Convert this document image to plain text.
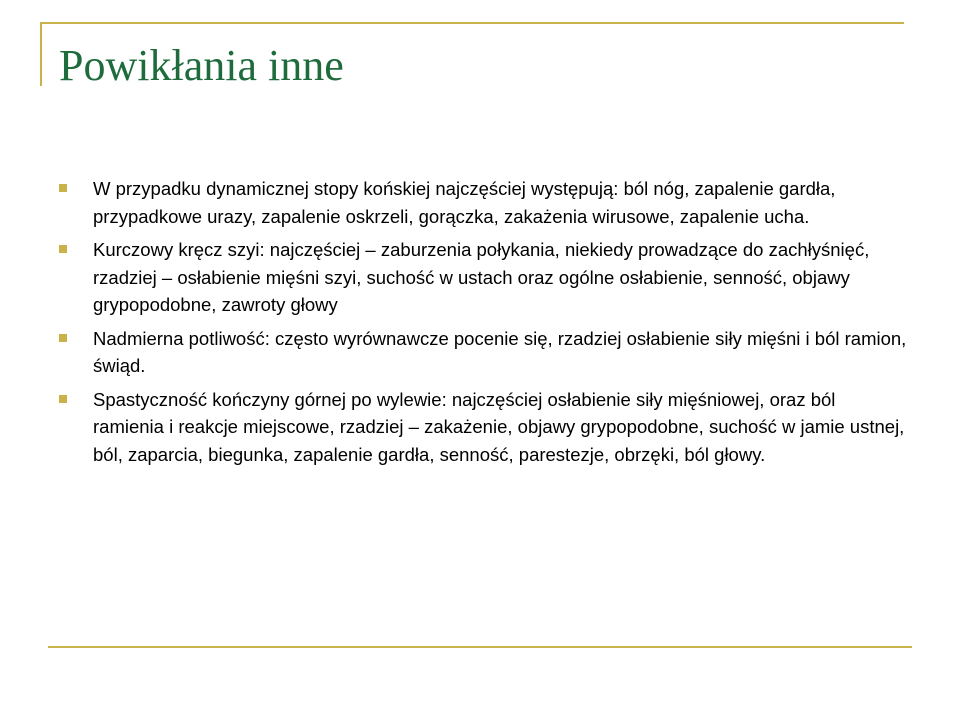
Powikłania inne
W przypadku dynamicznej stopy końskiej najczęściej występują: ból nóg, zapalenie gardła, przypadkowe urazy, zapalenie oskrzeli, gorączka, zakażenia wirusowe, zapalenie ucha.
Kurczowy kręcz szyi: najczęściej – zaburzenia połykania, niekiedy prowadzące do zachłyśnięć, rzadziej – osłabienie mięśni szyi, suchość w ustach oraz ogólne osłabienie, senność, objawy grypopodobne, zawroty głowy
Nadmierna potliwość: często wyrównawcze pocenie się, rzadziej osłabienie siły mięśni i ból ramion, świąd.
Spastyczność kończyny górnej po wylewie: najczęściej osłabienie siły mięśniowej, oraz ból ramienia i reakcje miejscowe, rzadziej – zakażenie, objawy grypopodobne, suchość w jamie ustnej, ból, zaparcia, biegunka, zapalenie gardła, senność, parestezje, obrzęki, ból głowy.
